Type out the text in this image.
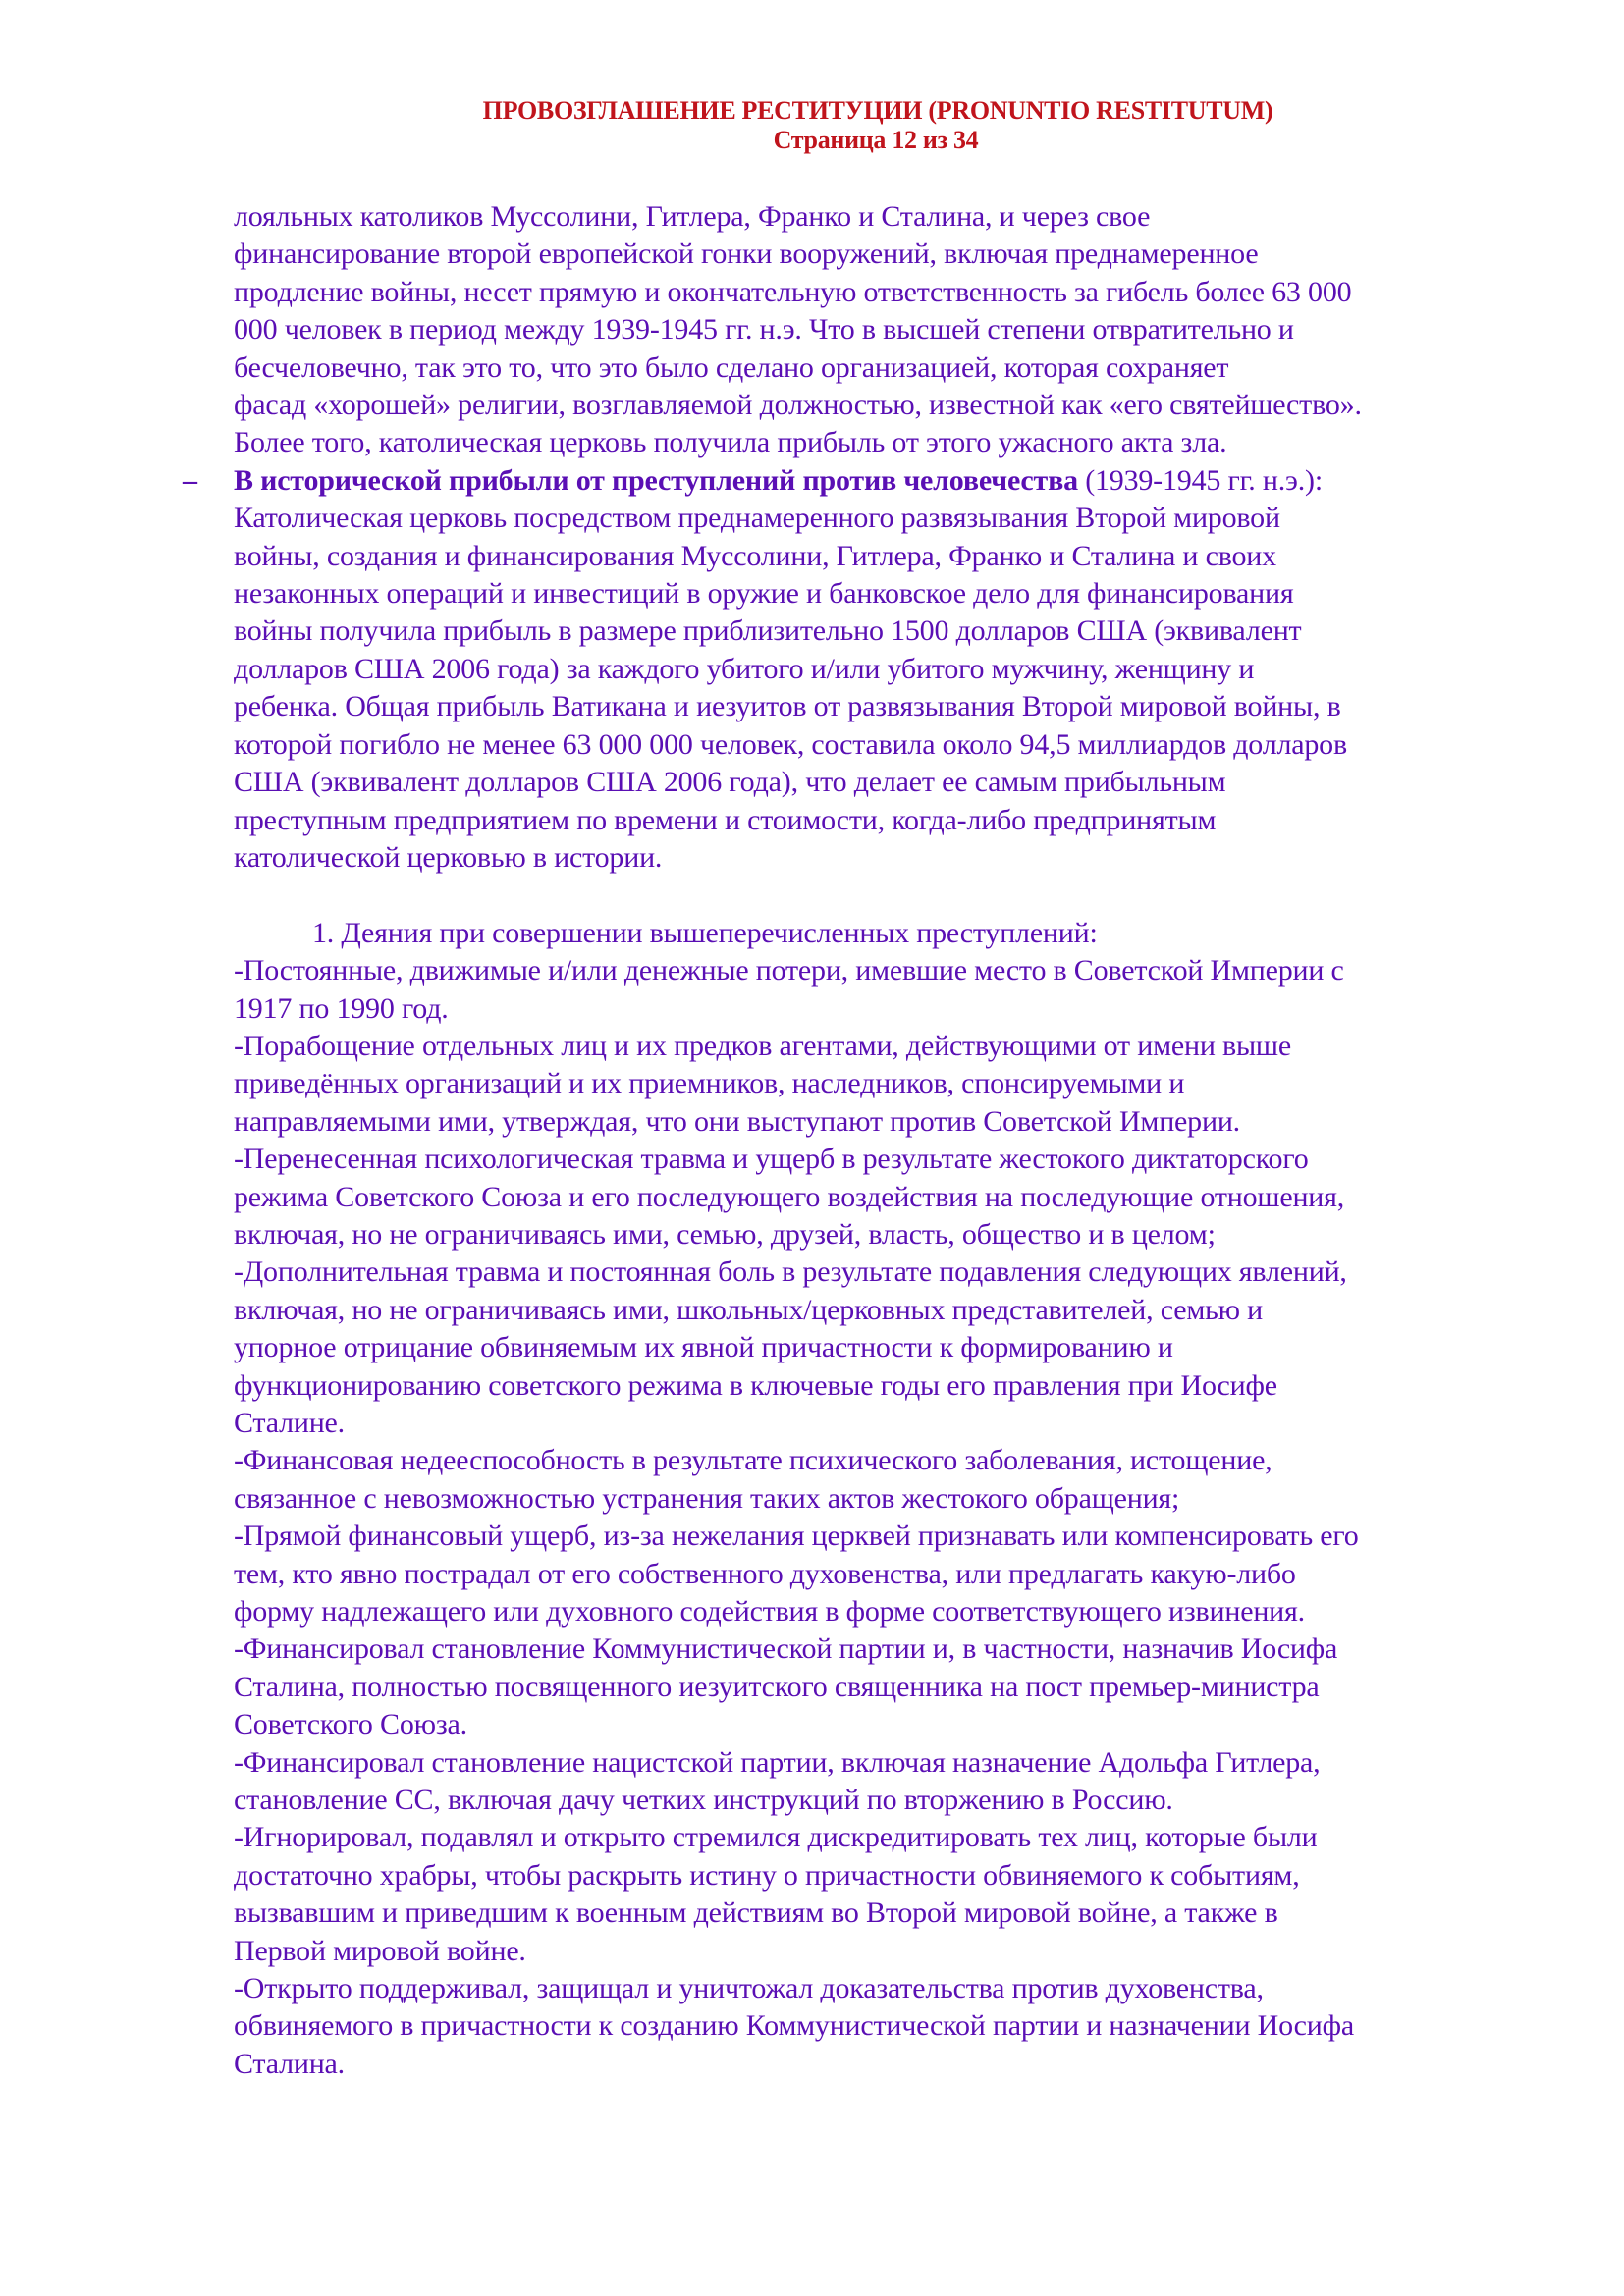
ПРОВОЗГЛАШЕНИЕ РЕСТИТУЦИИ (PRONUNTIO RESTITUTUM)
Страница 12 из 34

лояльных католиков Муссолини, Гитлера, Франко и Сталина, и через свое

финансирование второй европейской гонки вооружений, включая преднамеренное

продление войны, несет прямую и окончательную ответственность за гибель более 63 000

000 человек в период между 1939-1945 гг. н.э. Что в высшей степени отвратительно и

бесчеловечно, так это то, что это было сделано организацией, которая сохраняет

фасад «хорошей» религии, возглавляемой должностью, известной как «его святейшество».

Более того, католическая церковь получила прибыль от этого ужасного акта зла.

– В исторической прибыли от преступлений против человечества (1939-1945 гг. н.э.):

Католическая церковь посредством преднамеренного развязывания Второй мировой

войны, создания и финансирования Муссолини, Гитлера, Франко и Сталина и своих

незаконных операций и инвестиций в оружие и банковское дело для финансирования

войны получила прибыль в размере приблизительно 1500 долларов США (эквивалент

долларов США 2006 года) за каждого убитого и/или убитого мужчину, женщину и

ребенка. Общая прибыль Ватикана и иезуитов от развязывания Второй мировой войны, в

которой погибло не менее 63 000 000 человек, составила около 94,5 миллиардов долларов

США (эквивалент долларов США 2006 года), что делает ее самым прибыльным

преступным предприятием по времени и стоимости, когда-либо предпринятым

католической церковью в истории.

1. Деяния при совершении вышеперечисленных преступлений:

-Постоянные, движимые и/или денежные потери, имевшие место в Советской Империи с

1917 по 1990 год.

-Порабощение отдельных лиц и их предков агентами, действующими от имени выше

приведённых организаций и их приемников, наследников, спонсируемыми и

направляемыми ими, утверждая, что они выступают против Советской Империи.

-Перенесенная психологическая травма и ущерб в результате жестокого диктаторского

режима Советского Союза и его последующего воздействия на последующие отношения,

включая, но не ограничиваясь ими, семью, друзей, власть, общество и в целом;

-Дополнительная травма и постоянная боль в результате подавления следующих явлений,

включая, но не ограничиваясь ими, школьных/церковных представителей, семью и

упорное отрицание обвиняемым их явной причастности к формированию и

функционированию советского режима в ключевые годы его правления при Иосифе

Сталине.

-Финансовая недееспособность в результате психического заболевания, истощение,

связанное с невозможностью устранения таких актов жестокого обращения;

-Прямой финансовый ущерб, из-за нежелания церквей признавать или компенсировать его

тем, кто явно пострадал от его собственного духовенства, или предлагать какую-либо

форму надлежащего или духовного содействия в форме соответствующего извинения.

-Финансировал становление Коммунистической партии и, в частности, назначив Иосифа

Сталина, полностью посвященного иезуитского священника на пост премьер-министра

Советского Союза.

-Финансировал становление нацистской партии, включая назначение Адольфа Гитлера,

становление СС, включая дачу четких инструкций по вторжению в Россию.

-Игнорировал, подавлял и открыто стремился дискредитировать тех лиц, которые были

достаточно храбры, чтобы раскрыть истину о причастности обвиняемого к событиям,

вызвавшим и приведшим к военным действиям во Второй мировой войне, а также в

Первой мировой войне.

-Открыто поддерживал, защищал и уничтожал доказательства против духовенства,

обвиняемого в причастности к созданию Коммунистической партии и назначении Иосифа

Сталина.
